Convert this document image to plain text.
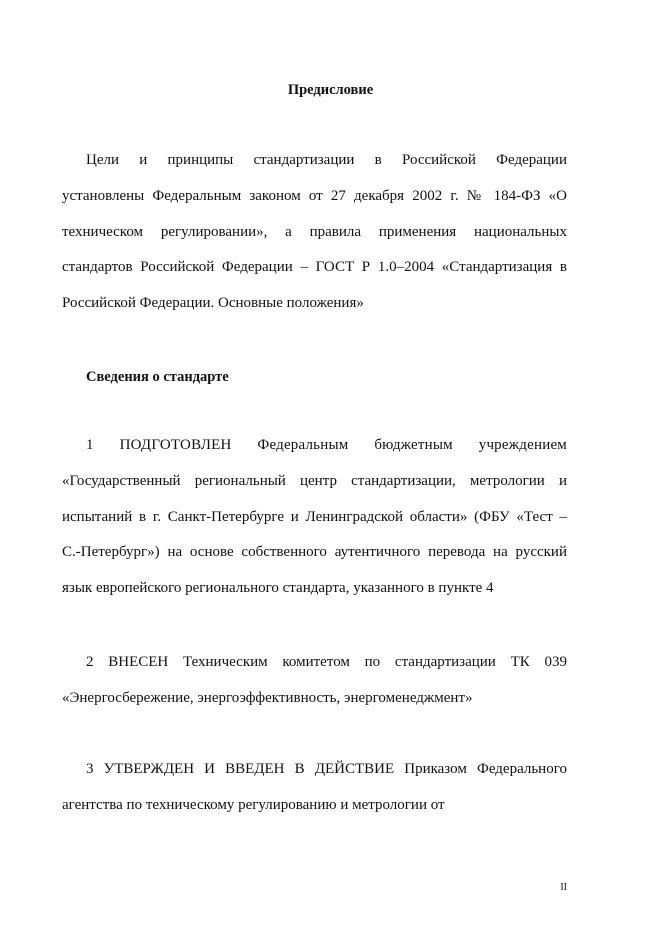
Предисловие
Цели и принципы стандартизации в Российской Федерации
установлены Федеральным законом от 27 декабря 2002 г. № 184-ФЗ «О
техническом регулировании», а правила применения национальных
стандартов Российской Федерации – ГОСТ Р 1.0–2004 «Стандартизация в
Российской Федерации. Основные положения»
Сведения о стандарте
1 ПОДГОТОВЛЕН Федеральным бюджетным учреждением
«Государственный региональный центр стандартизации, метрологии и
испытаний в г. Санкт-Петербурге и Ленинградской области» (ФБУ «Тест –
С.-Петербург») на основе собственного аутентичного перевода на русский
язык европейского регионального стандарта, указанного в пункте 4
2 ВНЕСЕН Техническим комитетом по стандартизации ТК 039
«Энергосбережение, энергоэффективность, энергоменеджмент»
3 УТВЕРЖДЕН И ВВЕДЕН В ДЕЙСТВИЕ Приказом Федерального
агентства по техническому регулированию и метрологии от
II
